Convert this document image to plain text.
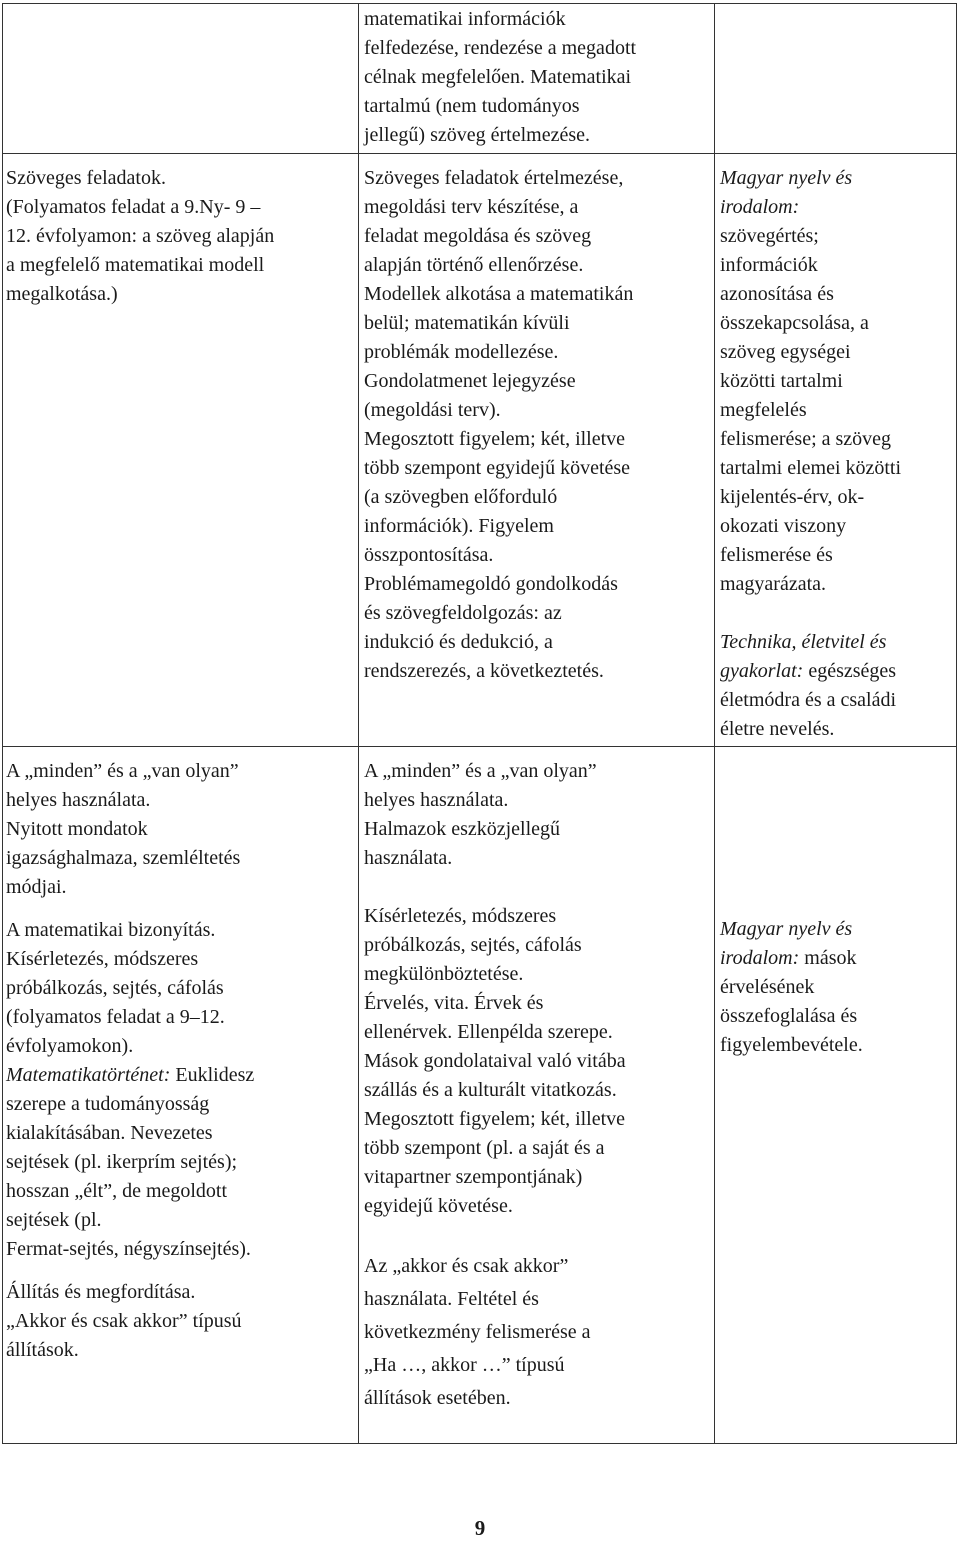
matematikai információk

felfedezése, rendezése a megadott

célnak megfelelően. Matematikai

tartalmú (nem tudományos

jellegű) szöveg értelmezése.

Szöveges feladatok.

(Folyamatos feladat a 9.Ny- 9 –

12. évfolyamon: a szöveg alapján

a megfelelő matematikai modell

megalkotása.)

Szöveges feladatok értelmezése,

megoldási terv készítése, a

feladat megoldása és szöveg

alapján történő ellenőrzése.

Modellek alkotása a matematikán

belül; matematikán kívüli

problémák modellezése.

Gondolatmenet lejegyzése

(megoldási terv).

Megosztott figyelem; két, illetve

több szempont egyidejű követése

(a szövegben előforduló

információk). Figyelem

összpontosítása.

Problémamegoldó gondolkodás

és szövegfeldolgozás: az

indukció és dedukció, a

rendszerezés, a következtetés.

Magyar nyelv és

irodalom:

szövegértés;

információk

azonosítása és

összekapcsolása, a

szöveg egységei

közötti tartalmi

megfelelés

felismerése; a szöveg

tartalmi elemei közötti

kijelentés-érv, ok-

okozati viszony

felismerése és

magyarázata.

Technika, életvitel és

gyakorlat: egészséges

életmódra és a családi

életre nevelés.

A „minden” és a „van olyan”

helyes használata.

Nyitott mondatok

igazsághalmaza, szemléltetés

módjai.

A matematikai bizonyítás.

Kísérletezés, módszeres

próbálkozás, sejtés, cáfolás

(folyamatos feladat a 9–12.

évfolyamokon).

Matematikatörténet: Euklidesz

szerepe a tudományosság

kialakításában. Nevezetes

sejtések (pl. ikerprím sejtés);

hosszan „élt”, de megoldott

sejtések (pl.

Fermat-sejtés, négyszínsejtés).

Állítás és megfordítása.

„Akkor és csak akkor” típusú

állítások.

A „minden” és a „van olyan”

helyes használata.

Halmazok eszközjellegű

használata.

Kísérletezés, módszeres

próbálkozás, sejtés, cáfolás

megkülönböztetése.

Érvelés, vita. Érvek és

ellenérvek. Ellenpélda szerepe.

Mások gondolataival való vitába

szállás és a kulturált vitatkozás.

Megosztott figyelem; két, illetve

több szempont (pl. a saját és a

vitapartner szempontjának)

egyidejű követése.

Az „akkor és csak akkor”

használata. Feltétel és

következmény felismerése a

„Ha …, akkor …” típusú

állítások esetében.

Magyar nyelv és

irodalom: mások

érvelésének

összefoglalása és

figyelembevétele.

9
